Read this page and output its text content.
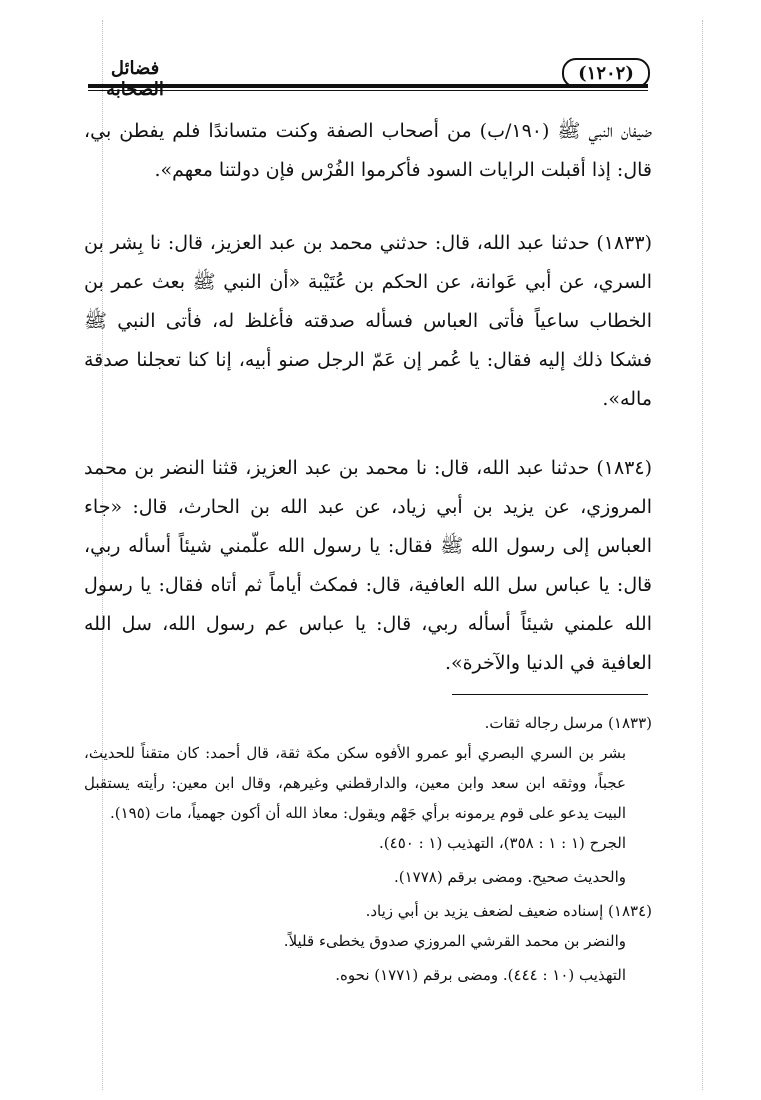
فضائل الصحابة
(١٢٠٢)

ضيفان النبي ﷺ (١٩٠/ب) من أصحاب الصفة وكنت متساندًا فلم يفطن بي، قال: إذا أقبلت الرايات السود فأكرموا الفُرْس فإن دولتنا معهم».

(١٨٣٣) حدثنا عبد الله، قال: حدثني محمد بن عبد العزيز، قال: نا بِشر بن السري، عن أبي عَوانة، عن الحكم بن عُتَيْبة «أن النبي ﷺ بعث عمر بن الخطاب ساعياً فأتى العباس فسأله صدقته فأغلظ له، فأتى النبي ﷺ فشكا ذلك إليه فقال: يا عُمر إن عَمّ الرجل صنو أبيه، إنا كنا تعجلنا صدقة ماله».

(١٨٣٤) حدثنا عبد الله، قال: نا محمد بن عبد العزيز، قثنا النضر بن محمد المروزي، عن يزيد بن أبي زياد، عن عبد الله بن الحارث، قال: «جاء العباس إلى رسول الله ﷺ فقال: يا رسول الله علّمني شيئاً أسأله ربي، قال: يا عباس سل الله العافية، قال: فمكث أياماً ثم أتاه فقال: يا رسول الله علمني شيئاً أسأله ربي، قال: يا عباس عم رسول الله، سل الله العافية في الدنيا والآخرة».

(١٨٣٣) مرسل رجاله ثقات.

بشر بن السري البصري أبو عمرو الأفوه سكن مكة ثقة، قال أحمد: كان متقناً للحديث، عجباً، ووثقه ابن سعد وابن معين، والدارقطني وغيرهم، وقال ابن معين: رأيته يستقبل البيت يدعو على قوم يرمونه برأي جَهْم ويقول: معاذ الله أن أكون جهمياً، مات (١٩٥).

الجرح (١ : ١ : ٣٥٨)، التهذيب (١ : ٤٥٠).

والحديث صحيح. ومضى برقم (١٧٧٨).

(١٨٣٤) إسناده ضعيف لضعف يزيد بن أبي زياد.

والنضر بن محمد القرشي المروزي صدوق يخطىء قليلاً.

التهذيب (١٠ : ٤٤٤). ومضى برقم (١٧٧١) نحوه.
